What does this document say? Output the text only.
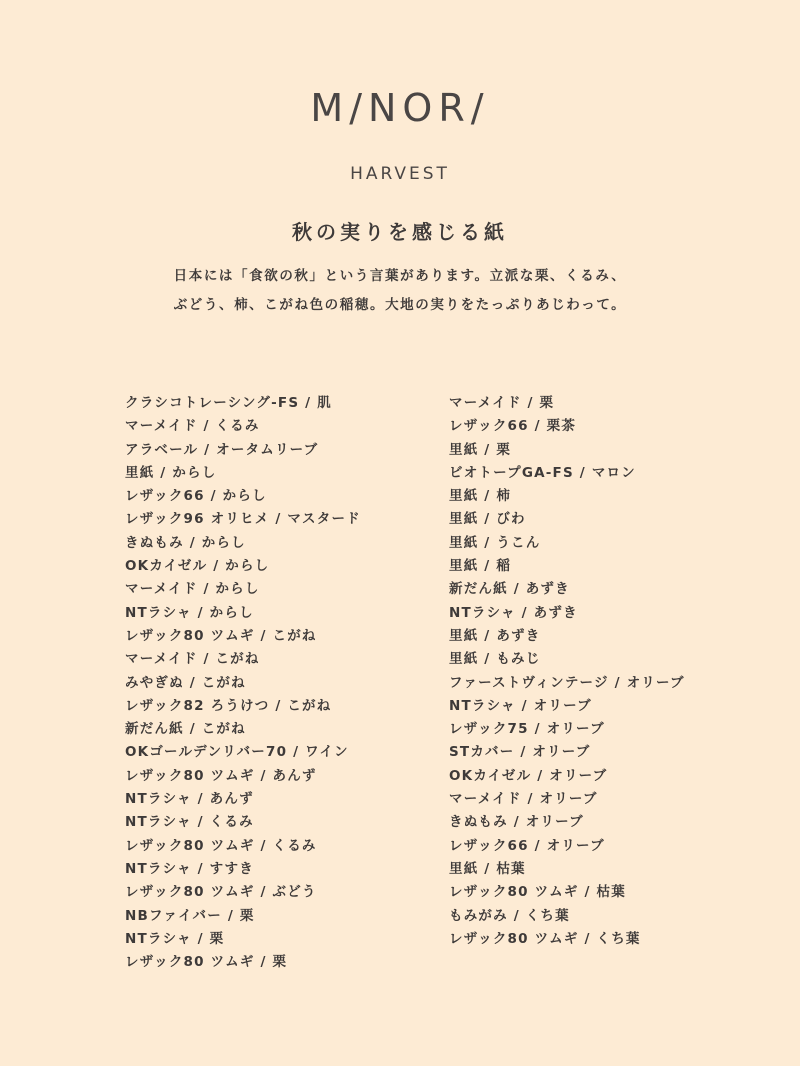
M/NOR/
HARVEST
秋の実りを感じる紙

日本には「食欲の秋」という言葉があります。立派な栗、くるみ、

ぶどう、柿、こがね色の稲穂。大地の実りをたっぷりあじわって。

クラシコトレーシング-FS / 肌
マーメイド / くるみ
アラベール / オータムリーブ
里紙 / からし
レザック66 / からし
レザック96 オリヒメ / マスタード
きぬもみ / からし
OKカイゼル / からし
マーメイド / からし
NTラシャ / からし
レザック80 ツムギ / こがね
マーメイド / こがね
みやぎぬ / こがね
レザック82 ろうけつ / こがね
新だん紙 / こがね
OKゴールデンリバー70 / ワイン
レザック80 ツムギ / あんず
NTラシャ / あんず
NTラシャ / くるみ
レザック80 ツムギ / くるみ
NTラシャ / すすき
レザック80 ツムギ / ぶどう
NBファイバー / 栗
NTラシャ / 栗
レザック80 ツムギ / 栗
マーメイド / 栗
レザック66 / 栗茶
里紙 / 栗
ビオトープGA-FS / マロン
里紙 / 柿
里紙 / びわ
里紙 / うこん
里紙 / 稲
新だん紙 / あずき
NTラシャ / あずき
里紙 / あずき
里紙 / もみじ
ファーストヴィンテージ / オリーブ
NTラシャ / オリーブ
レザック75 / オリーブ
STカバー / オリーブ
OKカイゼル / オリーブ
マーメイド / オリーブ
きぬもみ / オリーブ
レザック66 / オリーブ
里紙 / 枯葉
レザック80 ツムギ / 枯葉
もみがみ / くち葉
レザック80 ツムギ / くち葉
